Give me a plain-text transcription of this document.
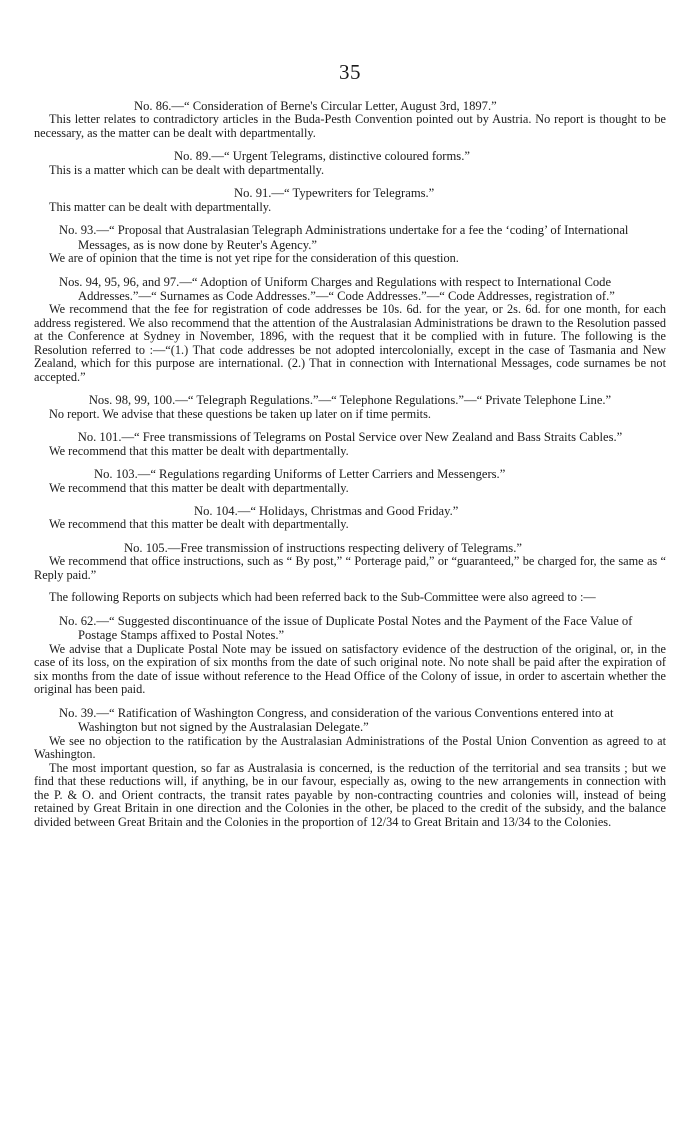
35

No. 86.—“ Consideration of Berne's Circular Letter, August 3rd, 1897.”

This letter relates to contradictory articles in the Buda-Pesth Convention pointed out by Austria. No report is thought to be necessary, as the matter can be dealt with departmentally.

No. 89.—“ Urgent Telegrams, distinctive coloured forms.”

This is a matter which can be dealt with departmentally.

No. 91.—“ Typewriters for Telegrams.”

This matter can be dealt with departmentally.

No. 93.—“ Proposal that Australasian Telegraph Administrations undertake for a fee the ‘coding’ of International Messages, as is now done by Reuter's Agency.”

We are of opinion that the time is not yet ripe for the consideration of this question.

Nos. 94, 95, 96, and 97.—“ Adoption of Uniform Charges and Regulations with respect to International Code Addresses.”—“ Surnames as Code Addresses.”—“ Code Addresses.”—“ Code Addresses, registration of.”

We recommend that the fee for registration of code addresses be 10s. 6d. for the year, or 2s. 6d. for one month, for each address registered. We also recommend that the attention of the Australasian Administrations be drawn to the Resolution passed at the Conference at Sydney in November, 1896, with the request that it be complied with in future. The following is the Resolution referred to :—“(1.) That code addresses be not adopted intercolonially, except in the case of Tasmania and New Zealand, which for this purpose are international. (2.) That in connection with International Messages, code surnames be not accepted.”

Nos. 98, 99, 100.—“ Telegraph Regulations.”—“ Telephone Regulations.”—“ Private Telephone Line.”

No report. We advise that these questions be taken up later on if time permits.

No. 101.—“ Free transmissions of Telegrams on Postal Service over New Zealand and Bass Straits Cables.”

We recommend that this matter be dealt with departmentally.

No. 103.—“ Regulations regarding Uniforms of Letter Carriers and Messengers.”

We recommend that this matter be dealt with departmentally.

No. 104.—“ Holidays, Christmas and Good Friday.”

We recommend that this matter be dealt with departmentally.

No. 105.—Free transmission of instructions respecting delivery of Telegrams.”

We recommend that office instructions, such as “ By post,” “ Porterage paid,” or “guaranteed,” be charged for, the same as “ Reply paid.”

The following Reports on subjects which had been referred back to the Sub-Committee were also agreed to :—

No. 62.—“ Suggested discontinuance of the issue of Duplicate Postal Notes and the Payment of the Face Value of Postage Stamps affixed to Postal Notes.”

We advise that a Duplicate Postal Note may be issued on satisfactory evidence of the destruction of the original, or, in the case of its loss, on the expiration of six months from the date of such original note. No note shall be paid after the expiration of six months from the date of issue without reference to the Head Office of the Colony of issue, in order to ascertain whether the original has been paid.

No. 39.—“ Ratification of Washington Congress, and consideration of the various Conventions entered into at Washington but not signed by the Australasian Delegate.”

We see no objection to the ratification by the Australasian Administrations of the Postal Union Convention as agreed to at Washington.

The most important question, so far as Australasia is concerned, is the reduction of the territorial and sea transits ; but we find that these reductions will, if anything, be in our favour, especially as, owing to the new arrangements in connection with the P. & O. and Orient contracts, the transit rates payable by non-contracting countries and colonies will, instead of being retained by Great Britain in one direction and the Colonies in the other, be placed to the credit of the subsidy, and the balance divided between Great Britain and the Colonies in the proportion of 12/34 to Great Britain and 13/34 to the Colonies.
